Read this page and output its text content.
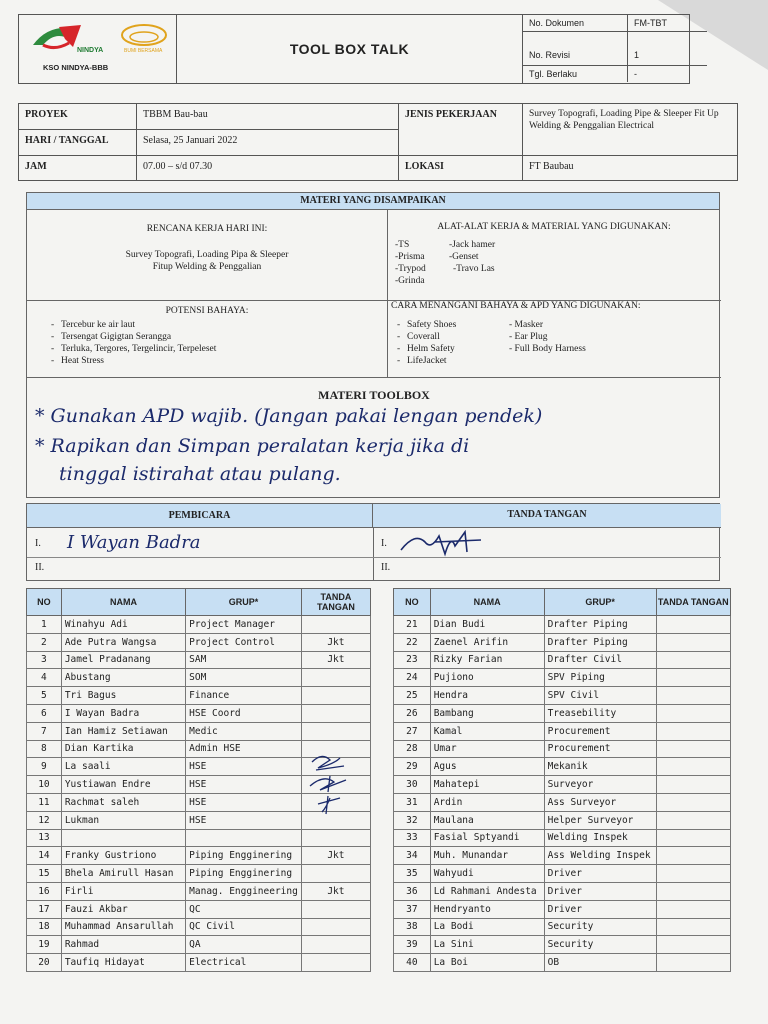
NINDYA	BUMI BERSAMA
KSO NINDYA-BBB
TOOL BOX TALK
No. Dokumen	FM-TBT
No. Revisi	1
Tgl. Berlaku	-
PROYEK	TBBM Bau-bau
HARI / TANGGAL	Selasa, 25 Januari 2022
JAM	07.00 – s/d 07.30
JENIS PEKERJAAN	Survey Topografi, Loading Pipe & Sleeper Fit Up Welding & Penggalian Electrical
LOKASI	FT Baubau
MATERI YANG DISAMPAIKAN
RENCANA KERJA HARI INI:
Survey Topografi, Loading Pipa & Sleeper
Fitup Welding & Penggalian
ALAT-ALAT KERJA & MATERIAL YANG DIGUNAKAN:
-TS
-Prisma
-Trypod
-Grinda
-Jack hamer
-Genset
-Travo Las
POTENSI BAHAYA:
- Tercebur ke air laut
- Tersengat Gigigtan Serangga
- Terluka, Tergores, Tergelincir, Terpeleset
- Heat Stress
CARA MENANGANI BAHAYA & APD YANG DIGUNAKAN:
- Safety Shoes
- Coverall
- Helm Safety
- LifeJacket
- Masker
- Ear Plug
- Full Body Harness
MATERI TOOLBOX
* Gunakan APD wajib. (Jangan pakai lengan pendek)
* Rapikan dan Simpan peralatan kerja jika di
tinggal istirahat atau pulang.
PEMBICARA	TANDA TANGAN
I. I Wayan Badra
II.
I.
II.
NO	NAMA	GRUP*	TANDA TANGAN
1	Winahyu Adi	Project Manager	
2	Ade Putra Wangsa	Project Control	Jkt
3	Jamel Pradanang	SAM	Jkt
4	Abustang	SOM	
5	Tri Bagus	Finance	
6	I Wayan Badra	HSE Coord	
7	Ian Hamiz Setiawan	Medic	
8	Dian Kartika	Admin HSE	
9	La saali	HSE	
10	Yustiawan Endre	HSE	
11	Rachmat saleh	HSE	
12	Lukman	HSE	
13			
14	Franky Gustriono	Piping Engginering	Jkt
15	Bhela Amirull Hasan	Piping Engginering	
16	Firli	Manag. Enggineering	Jkt
17	Fauzi Akbar	QC	
18	Muhammad Ansarullah	QC Civil	
19	Rahmad	QA	
20	Taufiq Hidayat	Electrical	
NO	NAMA	GRUP*	TANDA TANGAN
21	Dian Budi	Drafter Piping	
22	Zaenel Arifin	Drafter Piping	
23	Rizky Farian	Drafter Civil	
24	Pujiono	SPV Piping	
25	Hendra	SPV Civil	
26	Bambang	Treasebility	
27	Kamal	Procurement	
28	Umar	Procurement	
29	Agus	Mekanik	
30	Mahatepi	Surveyor	
31	Ardin	Ass Surveyor	
32	Maulana	Helper Surveyor	
33	Fasial Sptyandi	Welding Inspek	
34	Muh. Munandar	Ass Welding Inspek	
35	Wahyudi	Driver	
36	Ld Rahmani Andesta	Driver	
37	Hendryanto	Driver	
38	La Bodi	Security	
39	La Sini	Security	
40	La Boi	OB	
